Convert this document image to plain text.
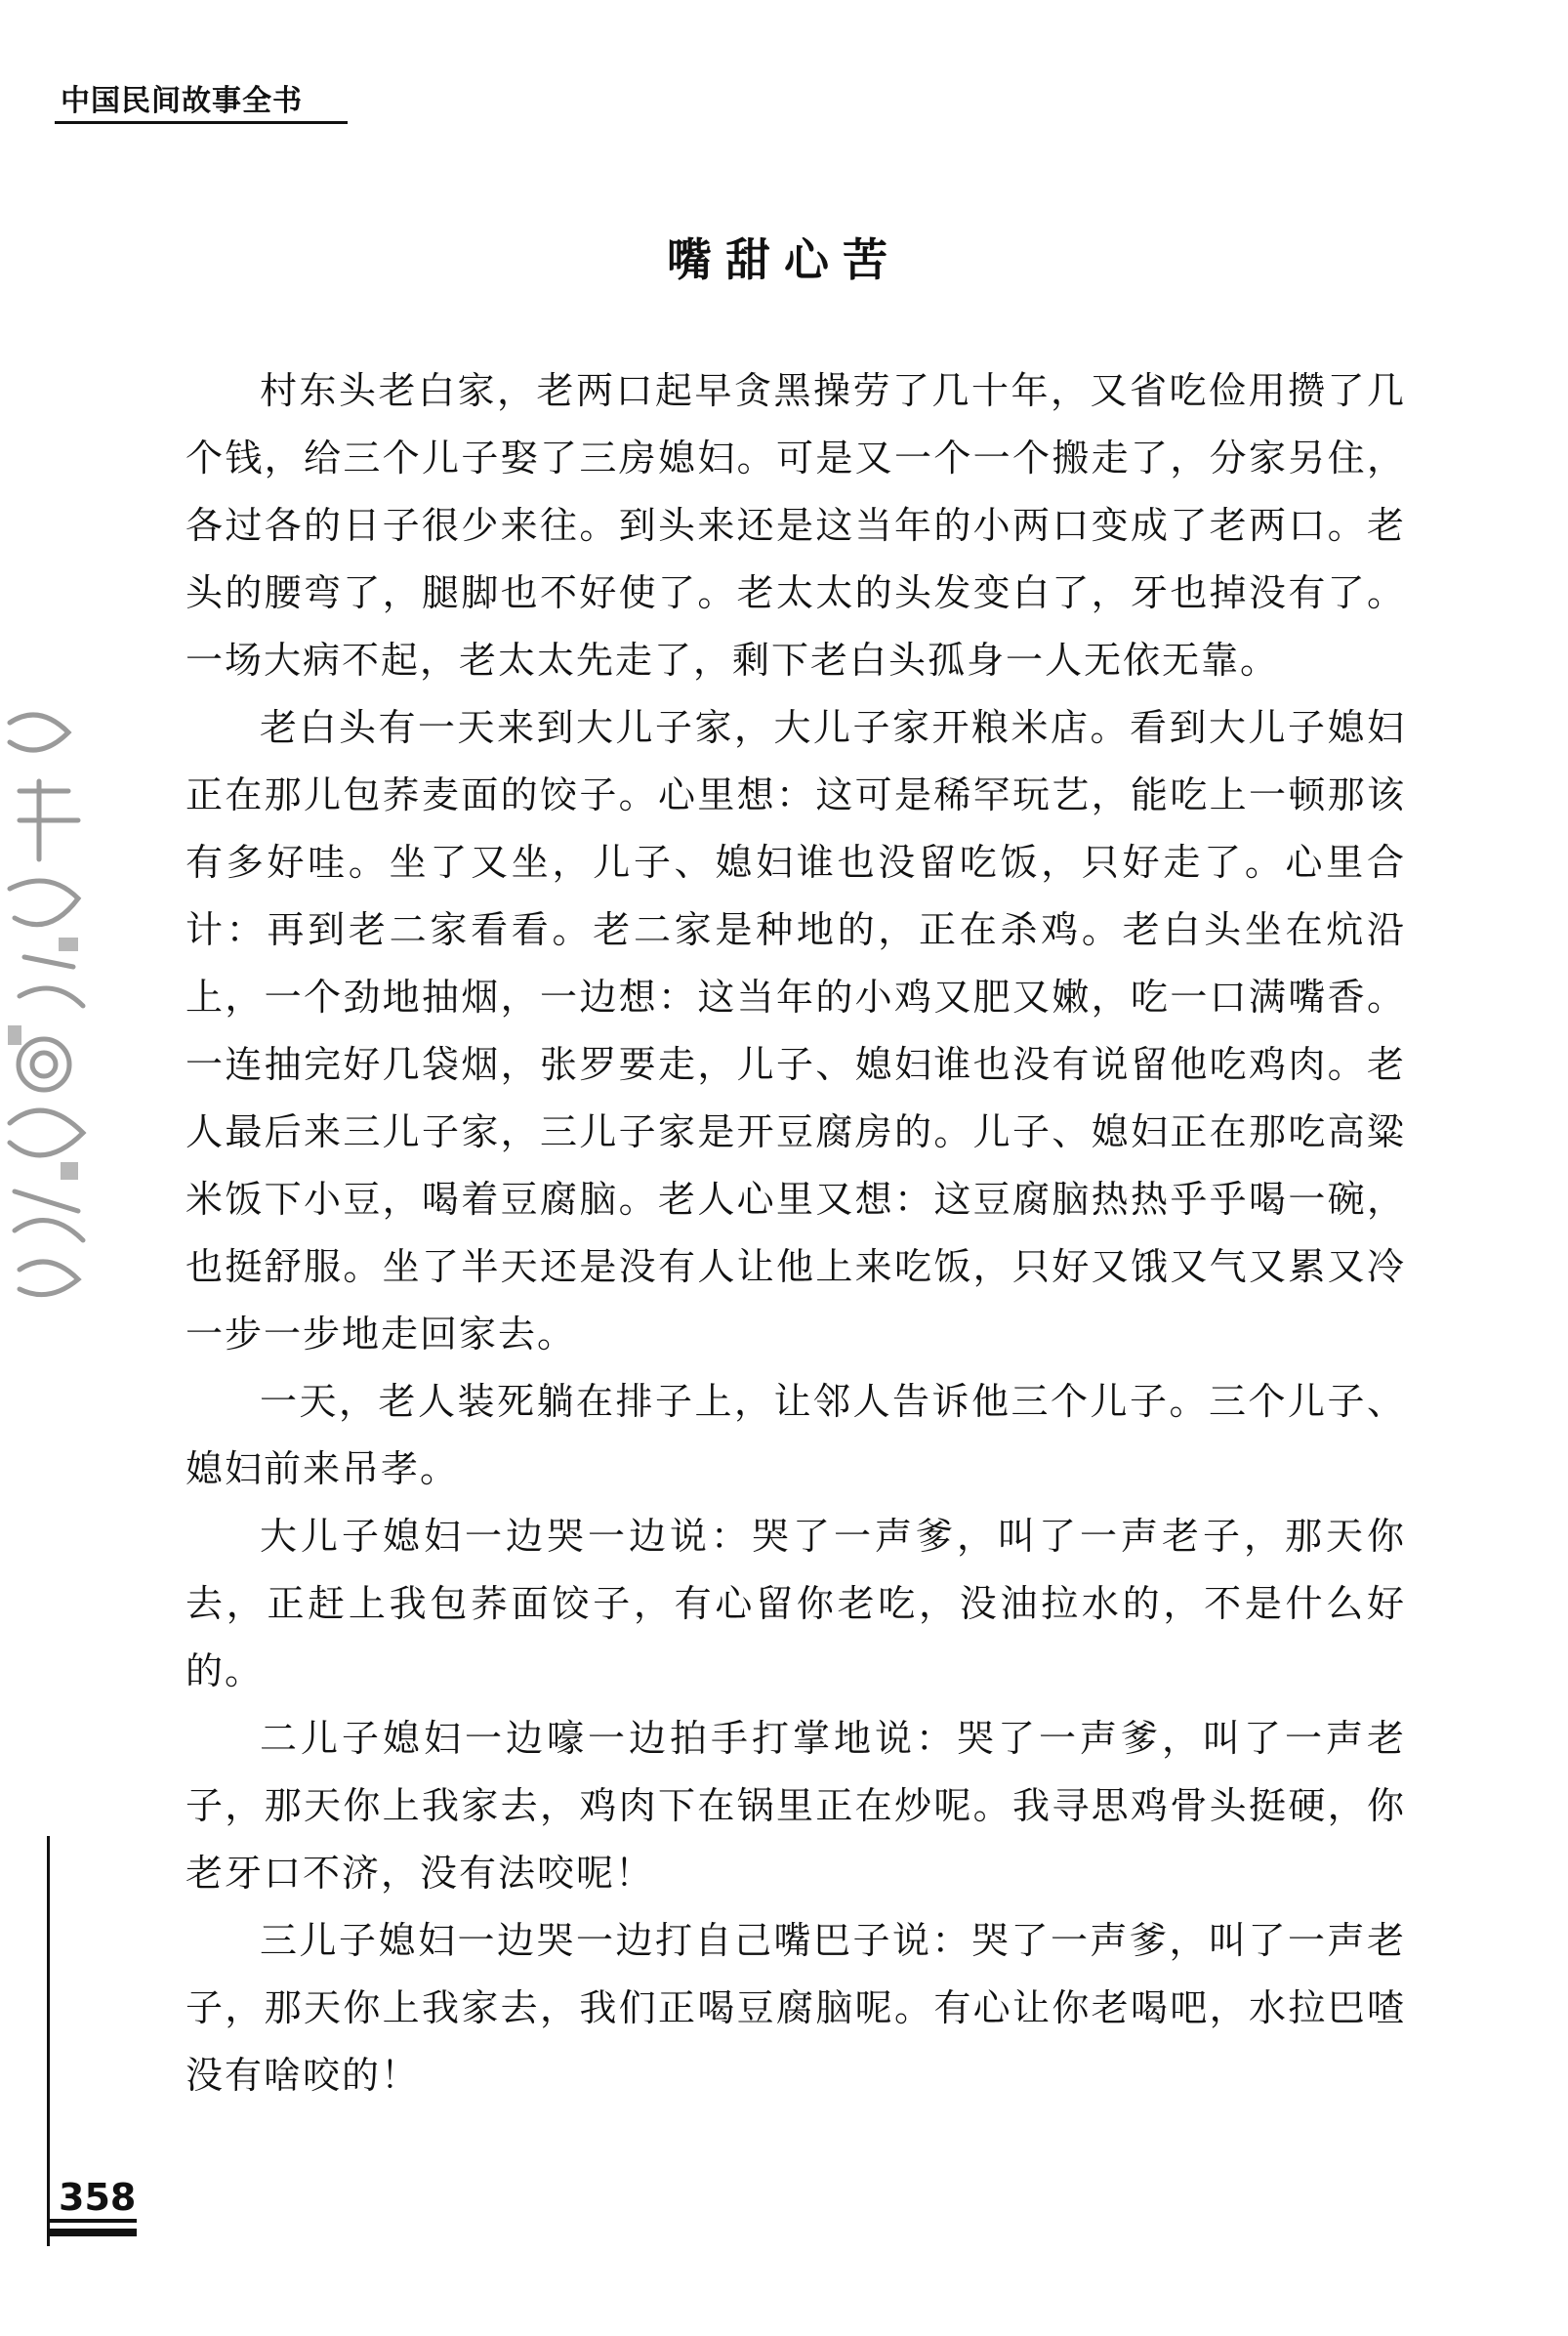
中国民间故事全书
嘴甜心苦

村东头老白家，老两口起早贪黑操劳了几十年，又省吃俭用攒了几个钱，给三个儿子娶了三房媳妇。可是又一个一个搬走了，分家另住，各过各的日子很少来往。到头来还是这当年的小两口变成了老两口。老头的腰弯了，腿脚也不好使了。老太太的头发变白了，牙也掉没有了。一场大病不起，老太太先走了，剩下老白头孤身一人无依无靠。

老白头有一天来到大儿子家，大儿子家开粮米店。看到大儿子媳妇正在那儿包荞麦面的饺子。心里想：这可是稀罕玩艺，能吃上一顿那该有多好哇。坐了又坐，儿子、媳妇谁也没留吃饭，只好走了。心里合计：再到老二家看看。老二家是种地的，正在杀鸡。老白头坐在炕沿上，一个劲地抽烟，一边想：这当年的小鸡又肥又嫩，吃一口满嘴香。一连抽完好几袋烟，张罗要走，儿子、媳妇谁也没有说留他吃鸡肉。老人最后来三儿子家，三儿子家是开豆腐房的。儿子、媳妇正在那吃高粱米饭下小豆，喝着豆腐脑。老人心里又想：这豆腐脑热热乎乎喝一碗，也挺舒服。坐了半天还是没有人让他上来吃饭，只好又饿又气又累又冷一步一步地走回家去。

一天，老人装死躺在排子上，让邻人告诉他三个儿子。三个儿子、媳妇前来吊孝。

大儿子媳妇一边哭一边说：哭了一声爹，叫了一声老子，那天你去，正赶上我包荞面饺子，有心留你老吃，没油拉水的，不是什么好的。

二儿子媳妇一边嚎一边拍手打掌地说：哭了一声爹，叫了一声老子，那天你上我家去，鸡肉下在锅里正在炒呢。我寻思鸡骨头挺硬，你老牙口不济，没有法咬呢！

三儿子媳妇一边哭一边打自己嘴巴子说：哭了一声爹，叫了一声老子，那天你上我家去，我们正喝豆腐脑呢。有心让你老喝吧，水拉巴喳没有啥咬的！

358
